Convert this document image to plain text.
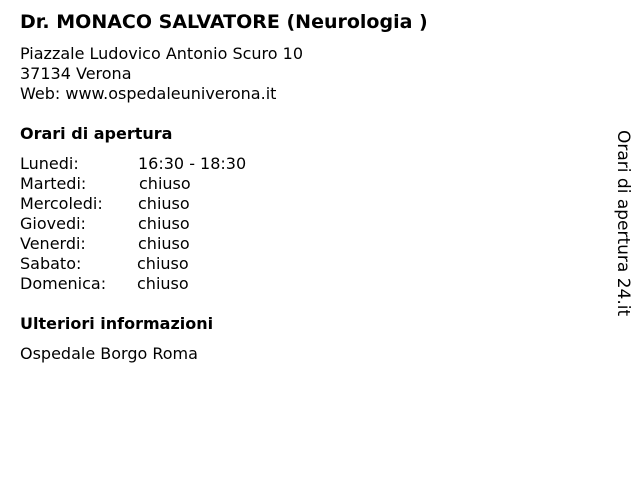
Dr. MONACO SALVATORE (Neurologia )
Piazzale Ludovico Antonio Scuro 10
37134 Verona
Web: www.ospedaleuniverona.it
Orari di apertura
Lunedi:	16:30 - 18:30
Martedi:	chiuso
Mercoledi: chiuso
Giovedi:	chiuso
Venerdi:	chiuso
Sabato:	chiuso
Domenica: chiuso
Ulteriori informazioni
Ospedale Borgo Roma
Orari di apertura 24.it
